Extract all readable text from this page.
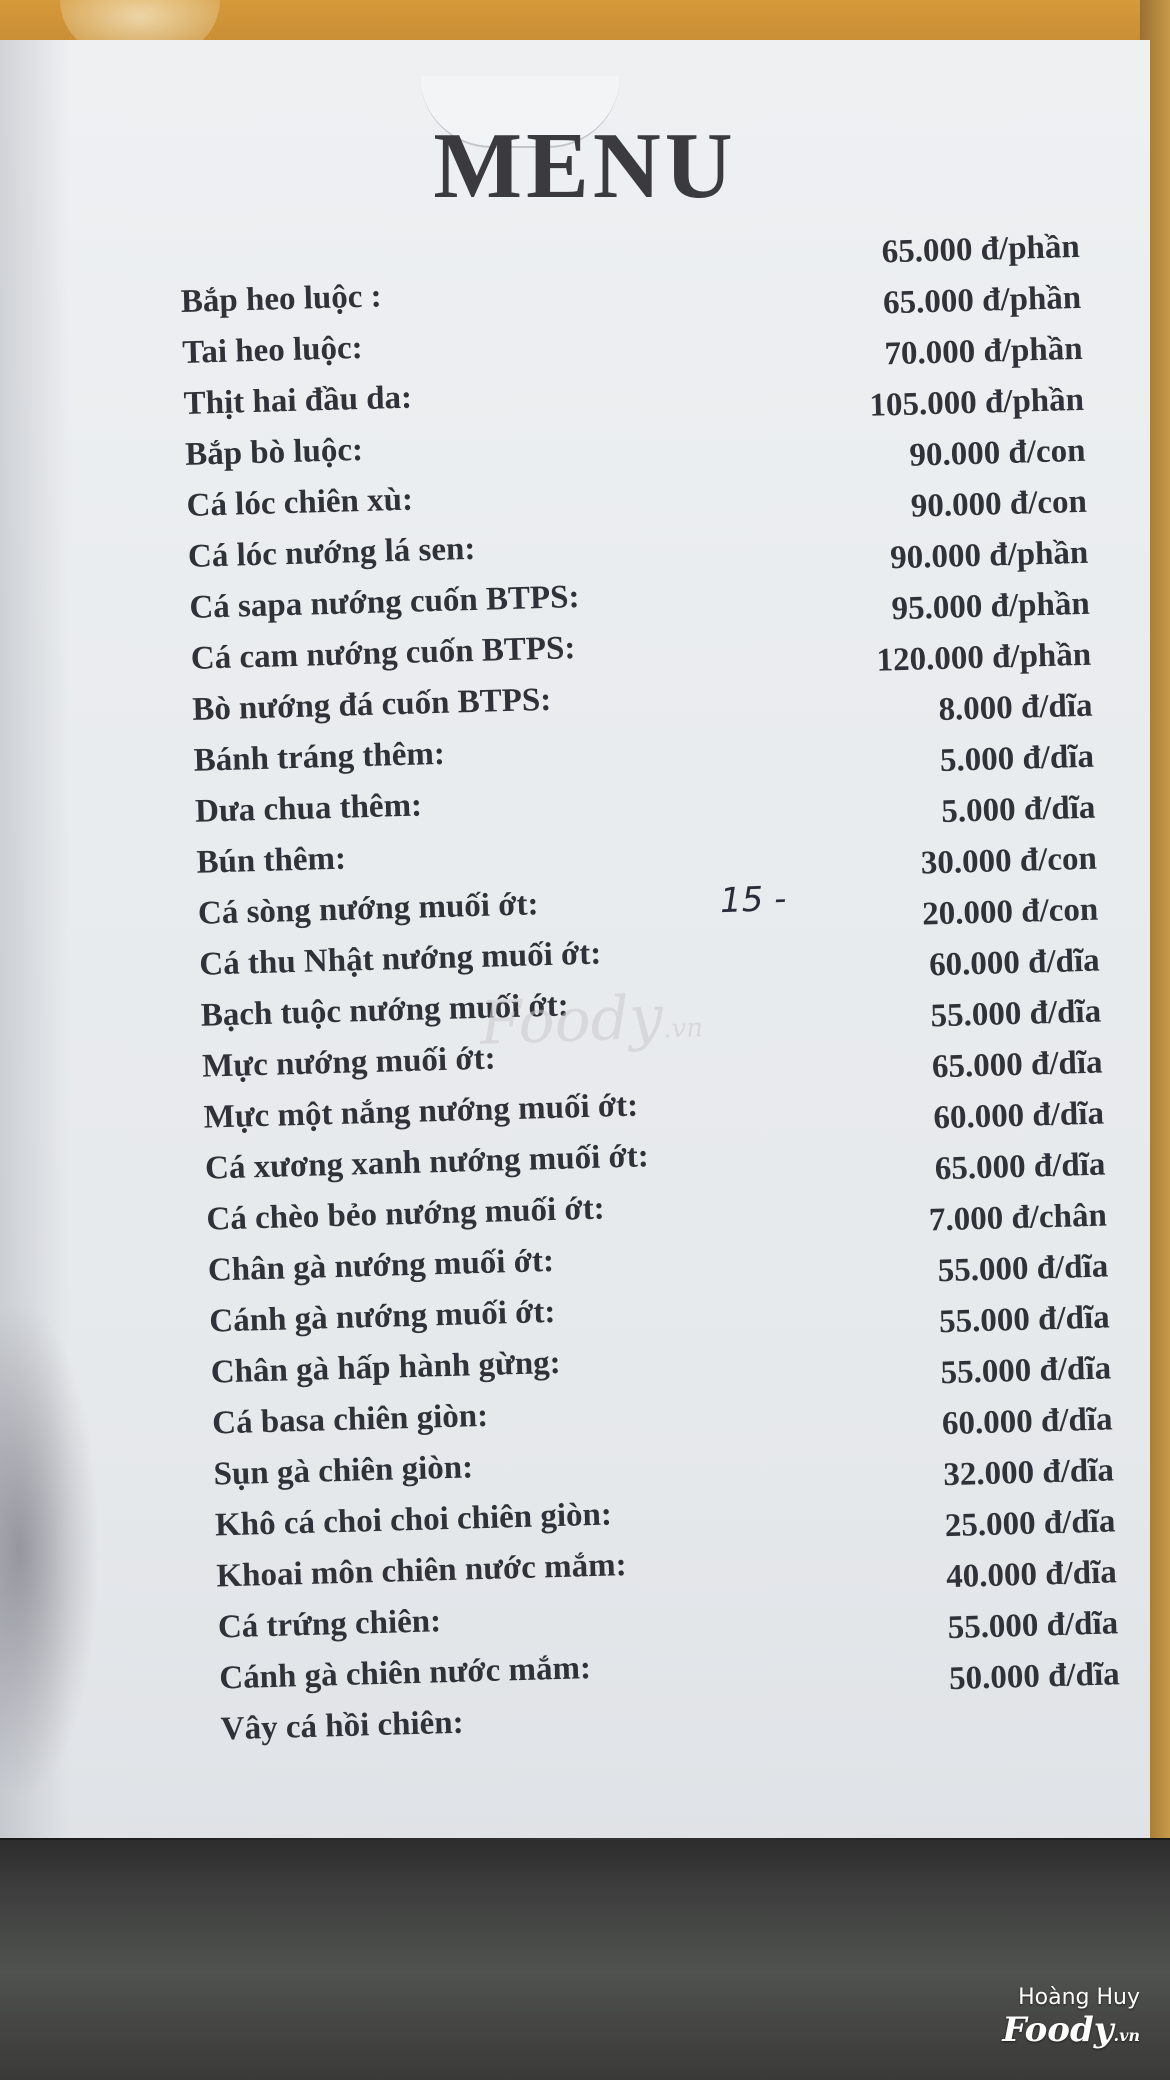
MENU
Bắp heo luộc :
65.000 đ/phần
Tai heo luộc:
65.000 đ/phần
Thịt hai đầu da:
70.000 đ/phần
Bắp bò luộc:
105.000 đ/phần
Cá lóc chiên xù:
90.000 đ/con
Cá lóc nướng lá sen:
90.000 đ/con
Cá sapa nướng cuốn BTPS:
90.000 đ/phần
Cá cam nướng cuốn BTPS:
95.000 đ/phần
Bò nướng đá cuốn BTPS:
120.000 đ/phần
Bánh tráng thêm:
8.000 đ/dĩa
Dưa chua thêm:
5.000 đ/dĩa
Bún thêm:
5.000 đ/dĩa
Cá sòng nướng muối ớt:
30.000 đ/con
Cá thu Nhật nướng muối ớt:
20.000 đ/con
Bạch tuộc nướng muối ớt:
60.000 đ/dĩa
Mực nướng muối ớt:
55.000 đ/dĩa
Mực một nắng nướng muối ớt:
65.000 đ/dĩa
Cá xương xanh nướng muối ớt:
60.000 đ/dĩa
Cá chèo bẻo nướng muối ớt:
65.000 đ/dĩa
Chân gà nướng muối ớt:
7.000 đ/chân
Cánh gà nướng muối ớt:
55.000 đ/dĩa
Chân gà hấp hành gừng:
55.000 đ/dĩa
Cá basa chiên giòn:
55.000 đ/dĩa
Sụn gà chiên giòn:
60.000 đ/dĩa
Khô cá choi choi chiên giòn:
32.000 đ/dĩa
Khoai môn chiên nước mắm:
25.000 đ/dĩa
Cá trứng chiên:
40.000 đ/dĩa
Cánh gà chiên nước mắm:
55.000 đ/dĩa
Vây cá hồi chiên:
50.000 đ/dĩa
15 -
Foody.vn
Hoàng Huy
Foody.vn
